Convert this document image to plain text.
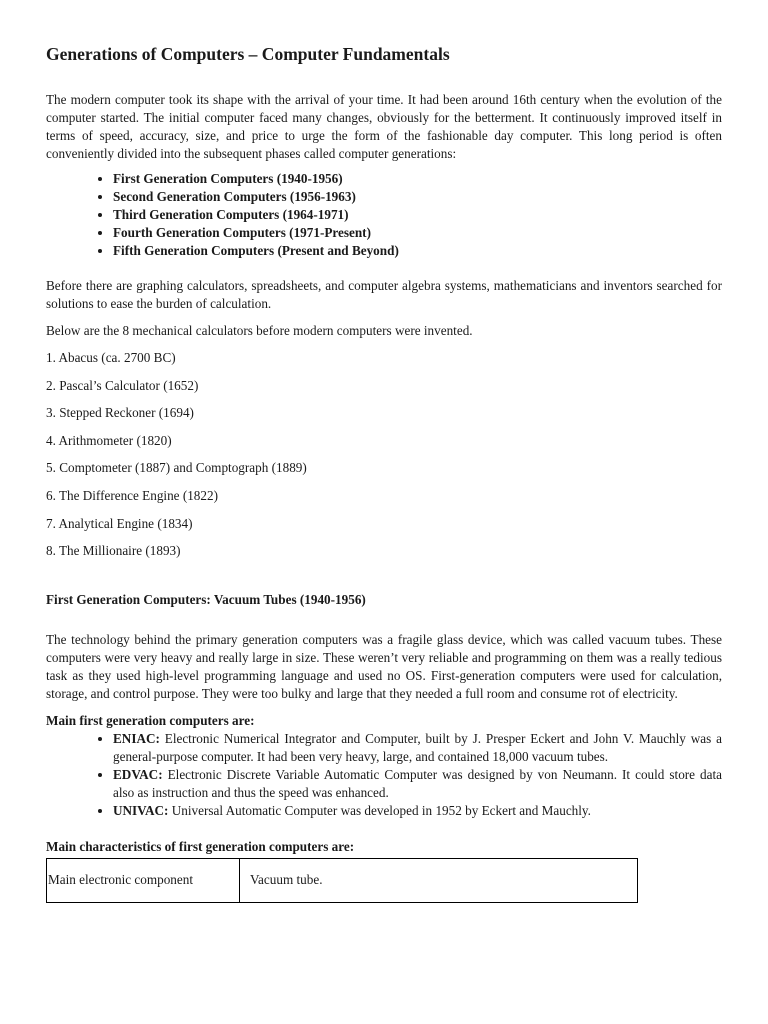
Generations of Computers – Computer Fundamentals

The modern computer took its shape with the arrival of your time. It had been around 16th century when the evolution of the computer started. The initial computer faced many changes, obviously for the betterment. It continuously improved itself in terms of speed, accuracy, size, and price to urge the form of the fashionable day computer. This long period is often conveniently divided into the subsequent phases called computer generations:

• First Generation Computers (1940-1956)
• Second Generation Computers (1956-1963)
• Third Generation Computers (1964-1971)
• Fourth Generation Computers (1971-Present)
• Fifth Generation Computers (Present and Beyond)

Before there are graphing calculators, spreadsheets, and computer algebra systems, mathematicians and inventors searched for solutions to ease the burden of calculation.

Below are the 8 mechanical calculators before modern computers were invented.

1. Abacus (ca. 2700 BC)
2. Pascal’s Calculator (1652)
3. Stepped Reckoner (1694)
4. Arithmometer (1820)
5. Comptometer (1887) and Comptograph (1889)
6. The Difference Engine (1822)
7. Analytical Engine (1834)
8. The Millionaire (1893)
First Generation Computers: Vacuum Tubes (1940-1956)

The technology behind the primary generation computers was a fragile glass device, which was called vacuum tubes. These computers were very heavy and really large in size. These weren’t very reliable and programming on them was a really tedious task as they used high-level programming language and used no OS. First-generation computers were used for calculation, storage, and control purpose. They were too bulky and large that they needed a full room and consume rot of electricity.

Main first generation computers are:

• ENIAC: Electronic Numerical Integrator and Computer, built by J. Presper Eckert and John V. Mauchly was a general-purpose computer. It had been very heavy, large, and contained 18,000 vacuum tubes.
• EDVAC: Electronic Discrete Variable Automatic Computer was designed by von Neumann. It could store data also as instruction and thus the speed was enhanced.
• UNIVAC: Universal Automatic Computer was developed in 1952 by Eckert and Mauchly.

Main characteristics of first generation computers are:

Main electronic component	Vacuum tube.
